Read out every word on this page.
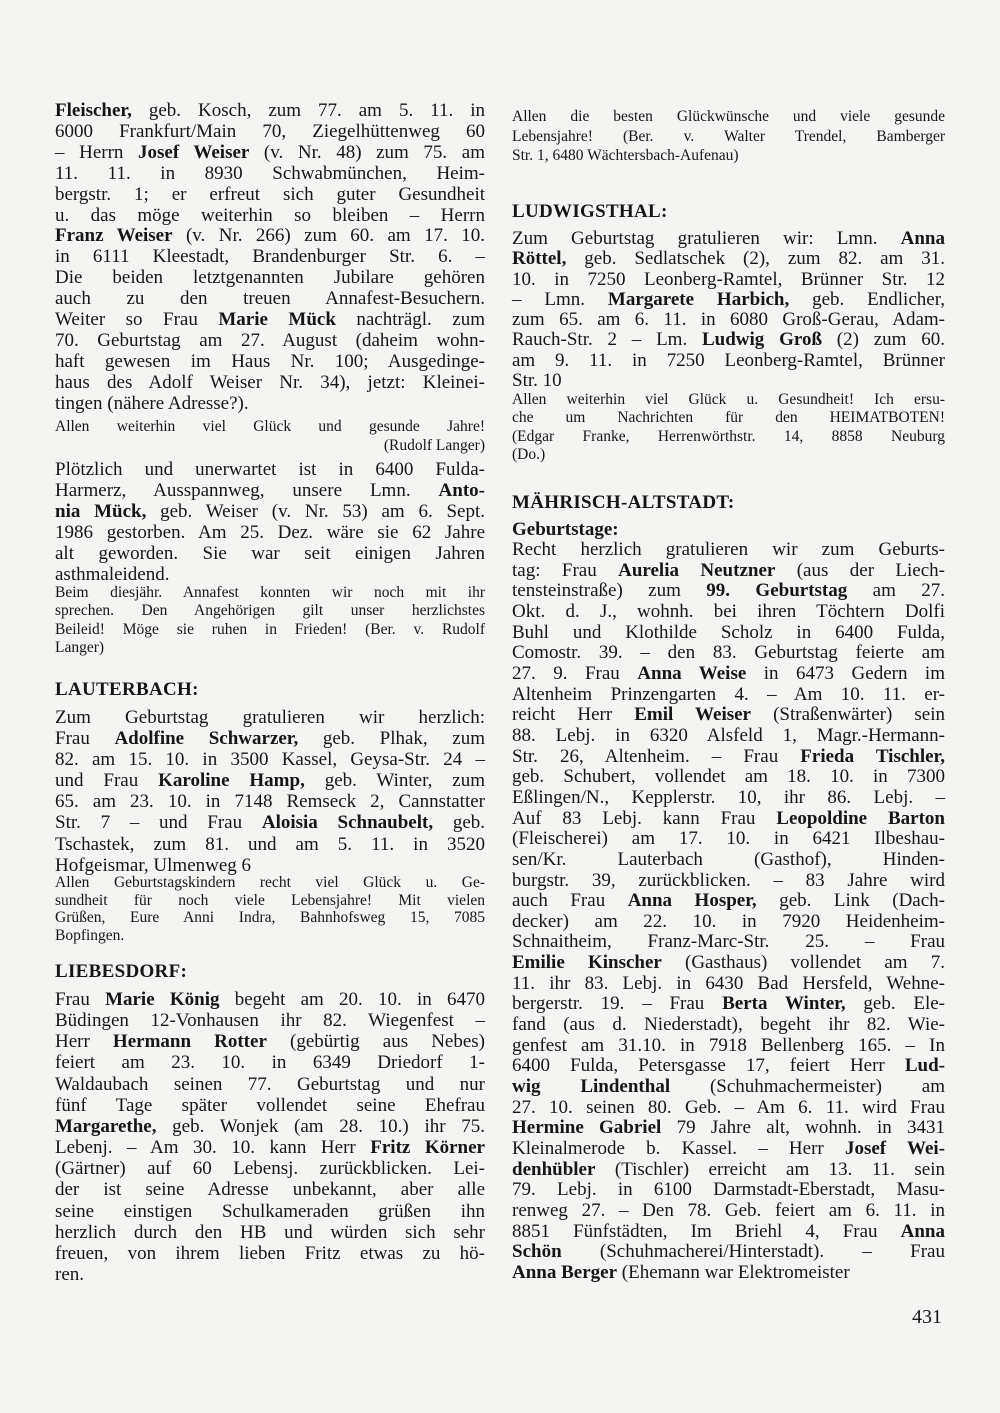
Fleischer, geb. Kosch, zum 77. am 5. 11. in
6000 Frankfurt/Main 70, Ziegelhüttenweg 60
– Herrn Josef Weiser (v. Nr. 48) zum 75. am
11. 11. in 8930 Schwabmünchen, Heim-
bergstr. 1; er erfreut sich guter Gesundheit
u. das möge weiterhin so bleiben – Herrn
Franz Weiser (v. Nr. 266) zum 60. am 17. 10.
in 6111 Kleestadt, Brandenburger Str. 6. –
Die beiden letztgenannten Jubilare gehören
auch zu den treuen Annafest-Besuchern.
Weiter so Frau Marie Mück nachträgl. zum
70. Geburtstag am 27. August (daheim wohn-
haft gewesen im Haus Nr. 100; Ausgedinge-
haus des Adolf Weiser Nr. 34), jetzt: Kleinei-
tingen (nähere Adresse?).
Allen weiterhin viel Glück und gesunde Jahre!
(Rudolf Langer)
Plötzlich und unerwartet ist in 6400 Fulda-
Harmerz, Ausspannweg, unsere Lmn. Anto-
nia Mück, geb. Weiser (v. Nr. 53) am 6. Sept.
1986 gestorben. Am 25. Dez. wäre sie 62 Jahre
alt geworden. Sie war seit einigen Jahren
asthmaleidend.
Beim diesjähr. Annafest konnten wir noch mit ihr
sprechen. Den Angehörigen gilt unser herzlichstes
Beileid! Möge sie ruhen in Frieden! (Ber. v. Rudolf
Langer)
LAUTERBACH:
Zum Geburtstag gratulieren wir herzlich:
Frau Adolfine Schwarzer, geb. Plhak, zum
82. am 15. 10. in 3500 Kassel, Geysa-Str. 24 –
und Frau Karoline Hamp, geb. Winter, zum
65. am 23. 10. in 7148 Remseck 2, Cannstatter
Str. 7 – und Frau Aloisia Schnaubelt, geb.
Tschastek, zum 81. und am 5. 11. in 3520
Hofgeismar, Ulmenweg 6
Allen Geburtstagskindern recht viel Glück u. Ge-
sundheit für noch viele Lebensjahre! Mit vielen
Grüßen, Eure Anni Indra, Bahnhofsweg 15, 7085
Bopfingen.
LIEBESDORF:
Frau Marie König begeht am 20. 10. in 6470
Büdingen 12-Vonhausen ihr 82. Wiegenfest –
Herr Hermann Rotter (gebürtig aus Nebes)
feiert am 23. 10. in 6349 Driedorf 1-
Waldaubach seinen 77. Geburtstag und nur
fünf Tage später vollendet seine Ehefrau
Margarethe, geb. Wonjek (am 28. 10.) ihr 75.
Lebenj. – Am 30. 10. kann Herr Fritz Körner
(Gärtner) auf 60 Lebensj. zurückblicken. Lei-
der ist seine Adresse unbekannt, aber alle
seine einstigen Schulkameraden grüßen ihn
herzlich durch den HB und würden sich sehr
freuen, von ihrem lieben Fritz etwas zu hö-
ren.
Allen die besten Glückwünsche und viele gesunde
Lebensjahre! (Ber. v. Walter Trendel, Bamberger
Str. 1, 6480 Wächtersbach-Aufenau)
LUDWIGSTHAL:
Zum Geburtstag gratulieren wir: Lmn. Anna
Röttel, geb. Sedlatschek (2), zum 82. am 31.
10. in 7250 Leonberg-Ramtel, Brünner Str. 12
– Lmn. Margarete Harbich, geb. Endlicher,
zum 65. am 6. 11. in 6080 Groß-Gerau, Adam-
Rauch-Str. 2 – Lm. Ludwig Groß (2) zum 60.
am 9. 11. in 7250 Leonberg-Ramtel, Brünner
Str. 10
Allen weiterhin viel Glück u. Gesundheit! Ich ersu-
che um Nachrichten für den HEIMATBOTEN!
(Edgar Franke, Herrenwörthstr. 14, 8858 Neuburg
(Do.)
MÄHRISCH-ALTSTADT:
Geburtstage:
Recht herzlich gratulieren wir zum Geburts-
tag: Frau Aurelia Neutzner (aus der Liech-
tensteinstraße) zum 99. Geburtstag am 27.
Okt. d. J., wohnh. bei ihren Töchtern Dolfi
Buhl und Klothilde Scholz in 6400 Fulda,
Comostr. 39. – den 83. Geburtstag feierte am
27. 9. Frau Anna Weise in 6473 Gedern im
Altenheim Prinzengarten 4. – Am 10. 11. er-
reicht Herr Emil Weiser (Straßenwärter) sein
88. Lebj. in 6320 Alsfeld 1, Magr.-Hermann-
Str. 26, Altenheim. – Frau Frieda Tischler,
geb. Schubert, vollendet am 18. 10. in 7300
Eßlingen/N., Kepplerstr. 10, ihr 86. Lebj. –
Auf 83 Lebj. kann Frau Leopoldine Barton
(Fleischerei) am 17. 10. in 6421 Ilbeshau-
sen/Kr. Lauterbach (Gasthof), Hinden-
burgstr. 39, zurückblicken. – 83 Jahre wird
auch Frau Anna Hosper, geb. Link (Dach-
decker) am 22. 10. in 7920 Heidenheim-
Schnaitheim, Franz-Marc-Str. 25. – Frau
Emilie Kinscher (Gasthaus) vollendet am 7.
11. ihr 83. Lebj. in 6430 Bad Hersfeld, Wehne-
bergerstr. 19. – Frau Berta Winter, geb. Ele-
fand (aus d. Niederstadt), begeht ihr 82. Wie-
genfest am 31.10. in 7918 Bellenberg 165. – In
6400 Fulda, Petersgasse 17, feiert Herr Lud-
wig Lindenthal (Schuhmachermeister) am
27. 10. seinen 80. Geb. – Am 6. 11. wird Frau
Hermine Gabriel 79 Jahre alt, wohnh. in 3431
Kleinalmerode b. Kassel. – Herr Josef Wei-
denhübler (Tischler) erreicht am 13. 11. sein
79. Lebj. in 6100 Darmstadt-Eberstadt, Masu-
renweg 27. – Den 78. Geb. feiert am 6. 11. in
8851 Fünfstädten, Im Briehl 4, Frau Anna
Schön (Schuhmacherei/Hinterstadt). – Frau
Anna Berger (Ehemann war Elektromeister
431
